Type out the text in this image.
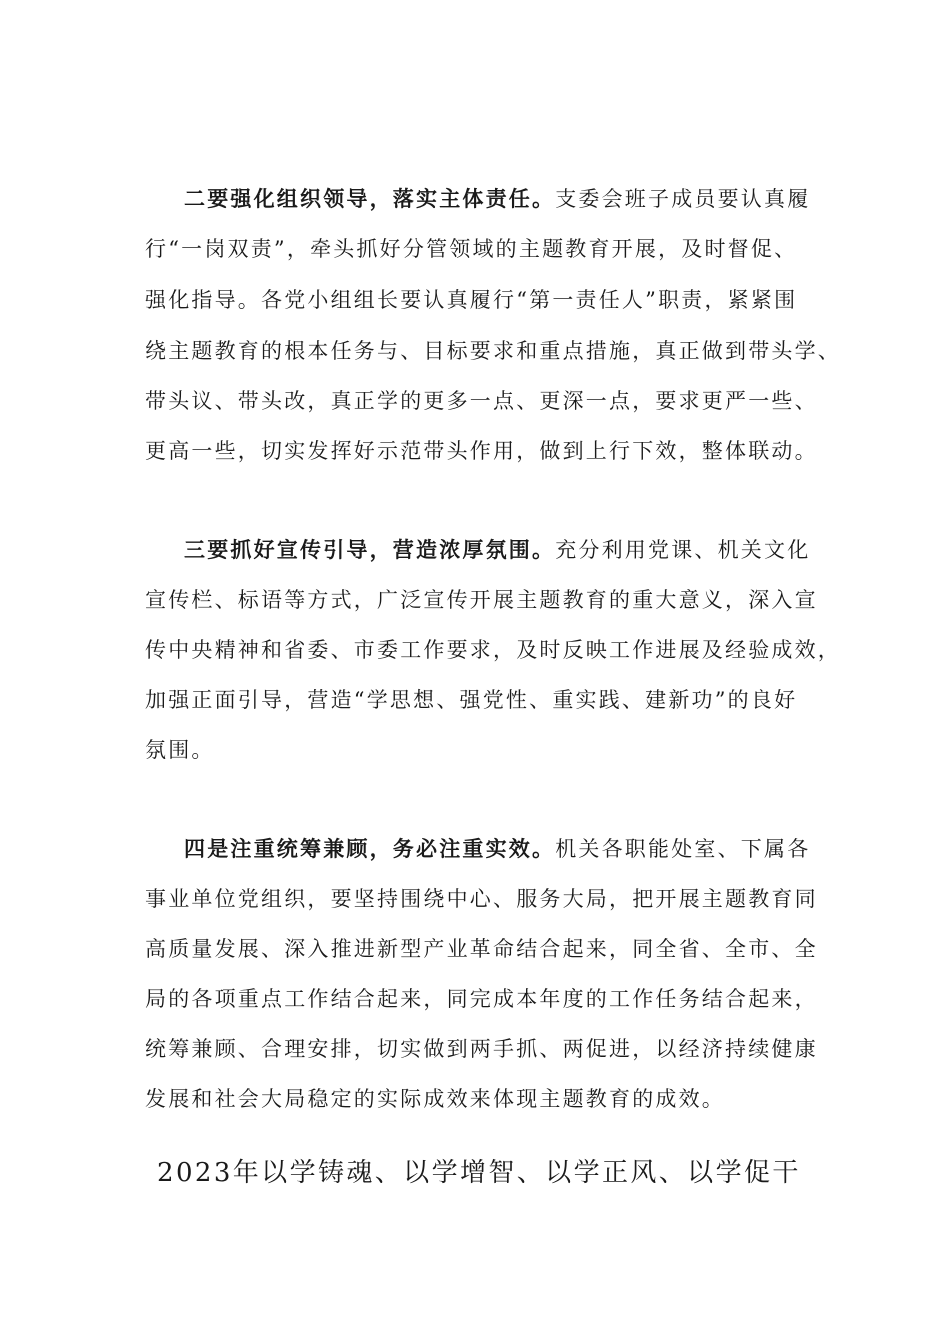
二要强化组织领导，落实主体责任。支委会班子成员要认真履
行“一岗双责”，牵头抓好分管领域的主题教育开展，及时督促、
强化指导。各党小组组长要认真履行“第一责任人”职责，紧紧围
绕主题教育的根本任务与、目标要求和重点措施，真正做到带头学、
带头议、带头改，真正学的更多一点、更深一点，要求更严一些、
更高一些，切实发挥好示范带头作用，做到上行下效，整体联动。
三要抓好宣传引导，营造浓厚氛围。充分利用党课、机关文化
宣传栏、标语等方式，广泛宣传开展主题教育的重大意义，深入宣
传中央精神和省委、市委工作要求，及时反映工作进展及经验成效，
加强正面引导，营造“学思想、强党性、重实践、建新功”的良好
氛围。
四是注重统筹兼顾，务必注重实效。机关各职能处室、下属各
事业单位党组织，要坚持围绕中心、服务大局，把开展主题教育同
高质量发展、深入推进新型产业革命结合起来，同全省、全市、全
局的各项重点工作结合起来，同完成本年度的工作任务结合起来，
统筹兼顾、合理安排，切实做到两手抓、两促进，以经济持续健康
发展和社会大局稳定的实际成效来体现主题教育的成效。
2023年以学铸魂、以学增智、以学正风、以学促干
